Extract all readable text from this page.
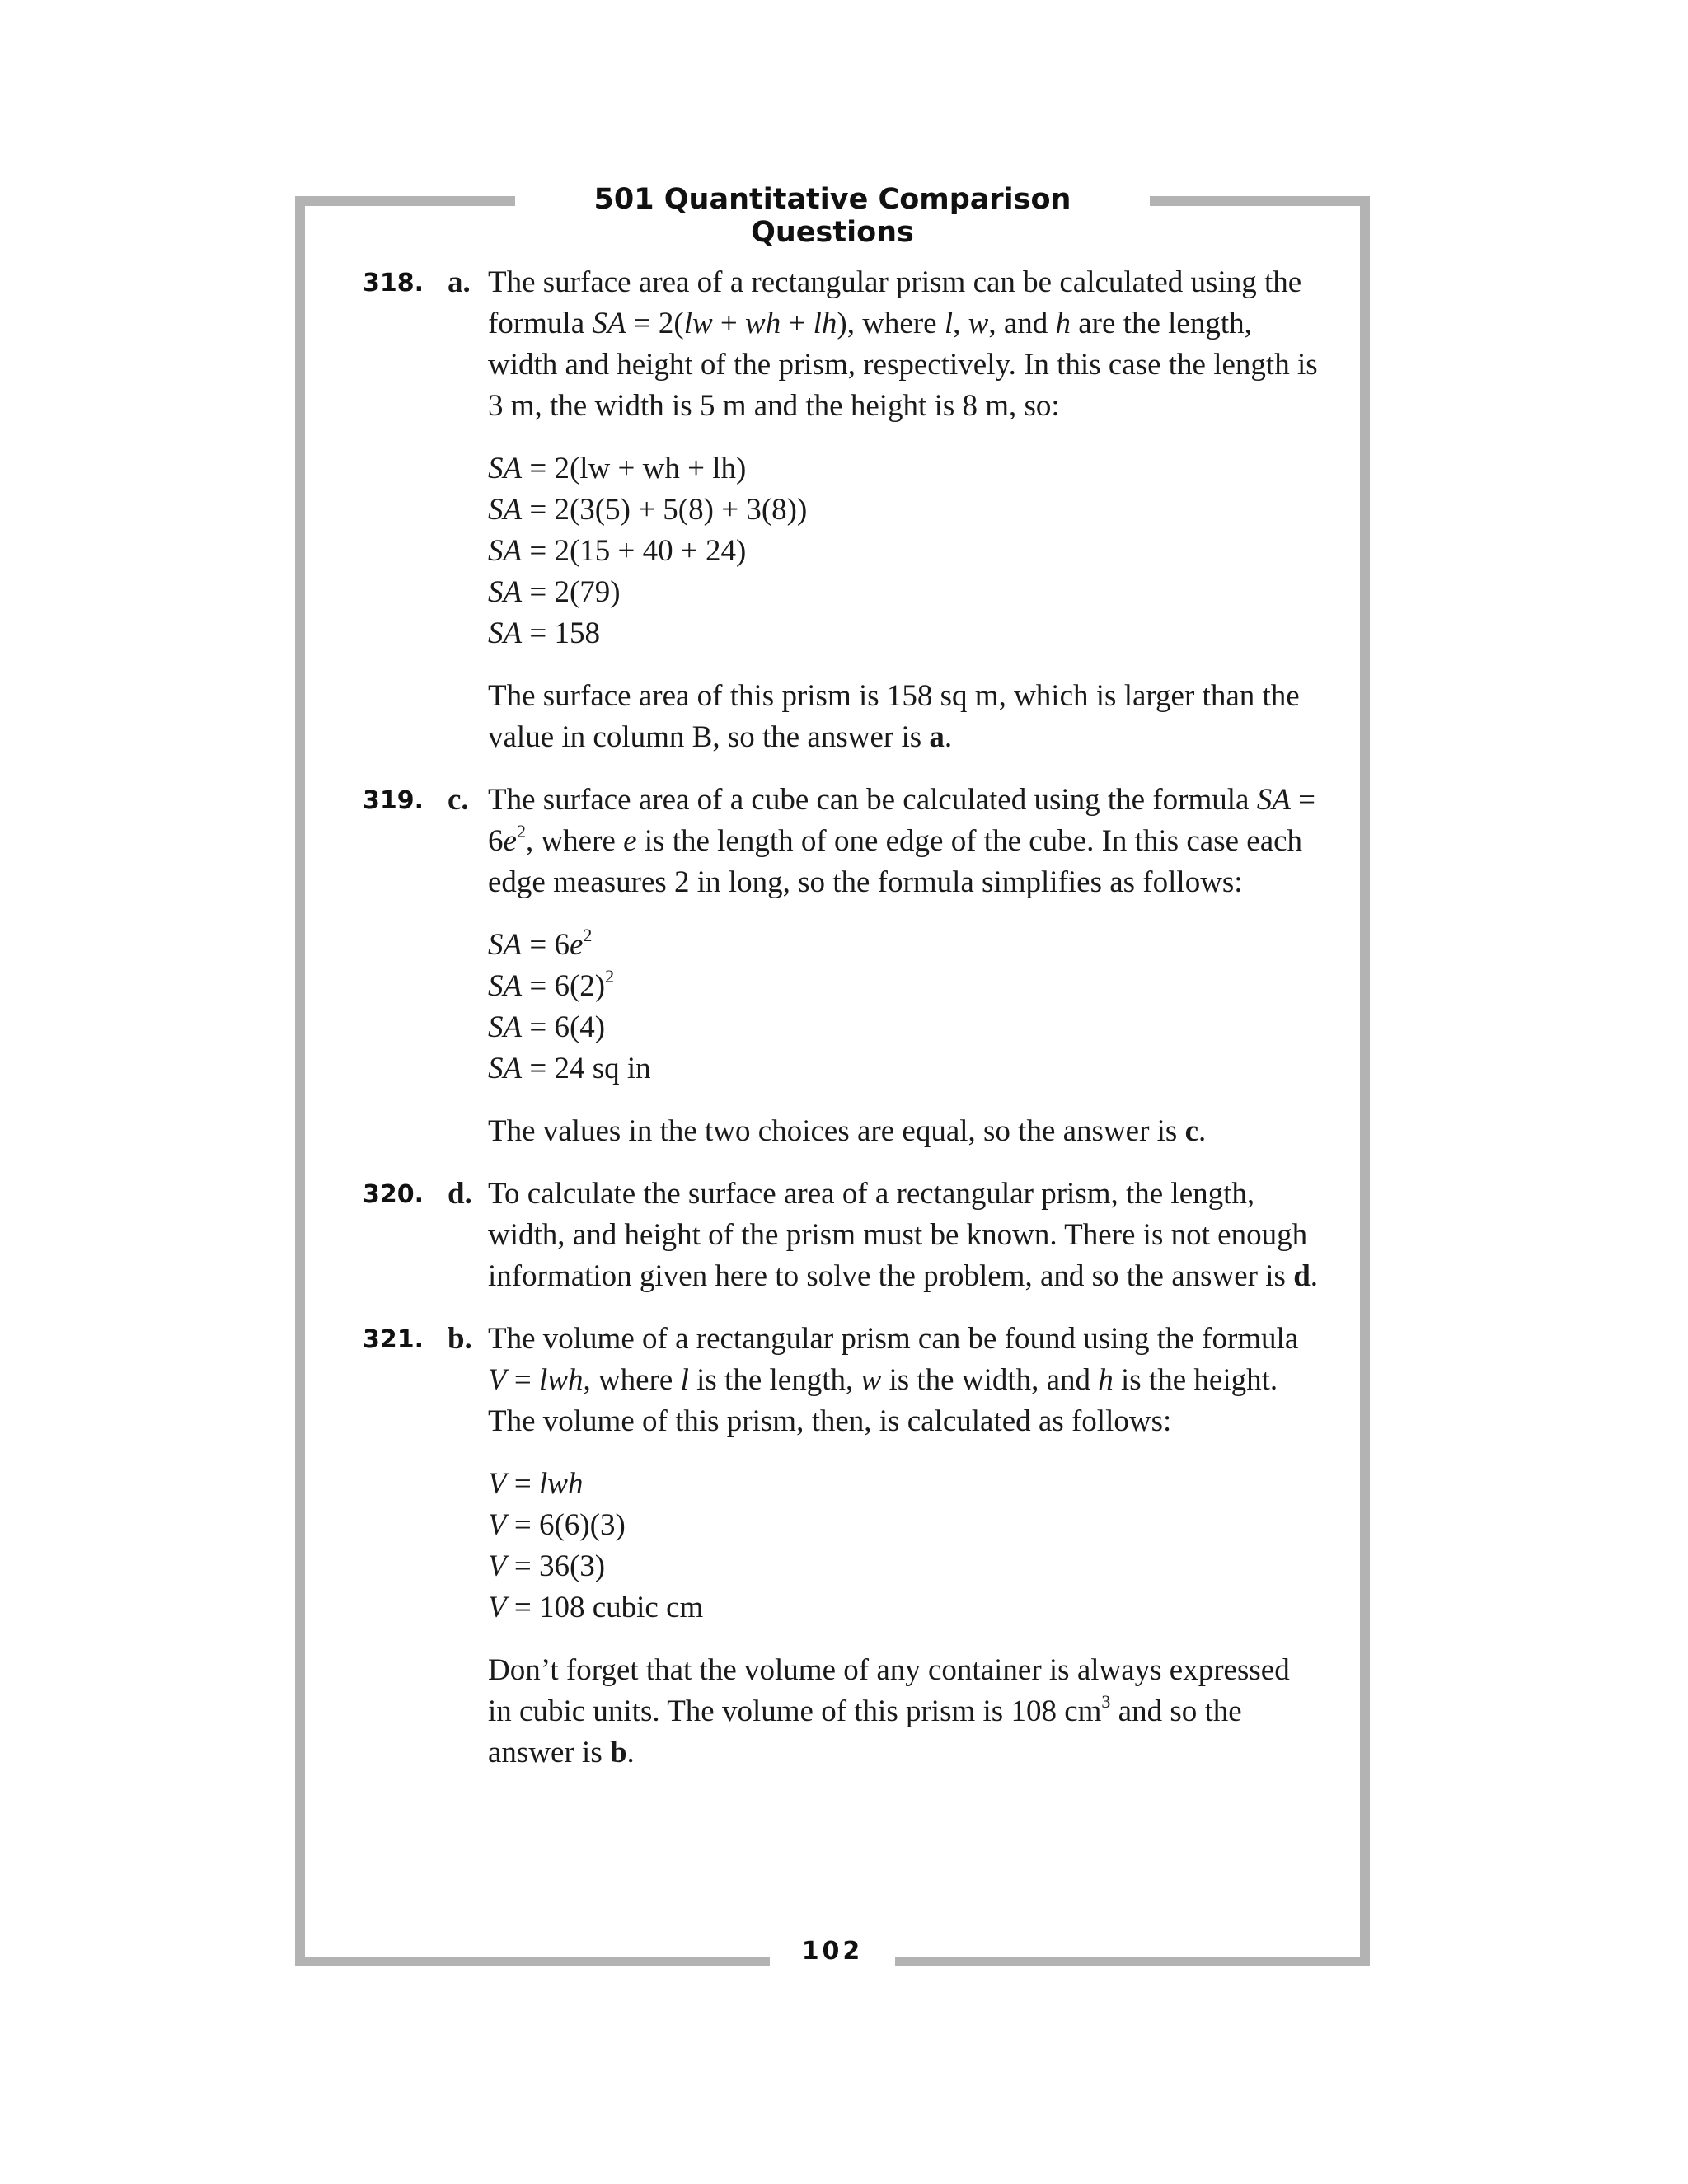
501 Quantitative Comparison Questions
318. a. The surface area of a rectangular prism can be calculated using the formula SA = 2(lw + wh + lh), where l, w, and h are the length, width and height of the prism, respectively. In this case the length is 3 m, the width is 5 m and the height is 8 m, so:

SA = 2(lw + wh + lh)
SA = 2(3(5) + 5(8) + 3(8))
SA = 2(15 + 40 + 24)
SA = 2(79)
SA = 158

The surface area of this prism is 158 sq m, which is larger than the value in column B, so the answer is a.

319. c. The surface area of a cube can be calculated using the formula SA = $6e^2$, where e is the length of one edge of the cube. In this case each edge measures 2 in long, so the formula simplifies as follows:

SA = $6e^2$
SA = $6(2)^2$
SA = 6(4)
SA = 24 sq in

The values in the two choices are equal, so the answer is c.

320. d. To calculate the surface area of a rectangular prism, the length, width, and height of the prism must be known. There is not enough information given here to solve the problem, and so the answer is d.

321. b. The volume of a rectangular prism can be found using the formula V = lwh, where l is the length, w is the width, and h is the height. The volume of this prism, then, is calculated as follows:

V = lwh
V = 6(6)(3)
V = 36(3)
V = 108 cubic cm

Don’t forget that the volume of any container is always expressed in cubic units. The volume of this prism is 108 $cm^3$ and so the answer is b.

102
